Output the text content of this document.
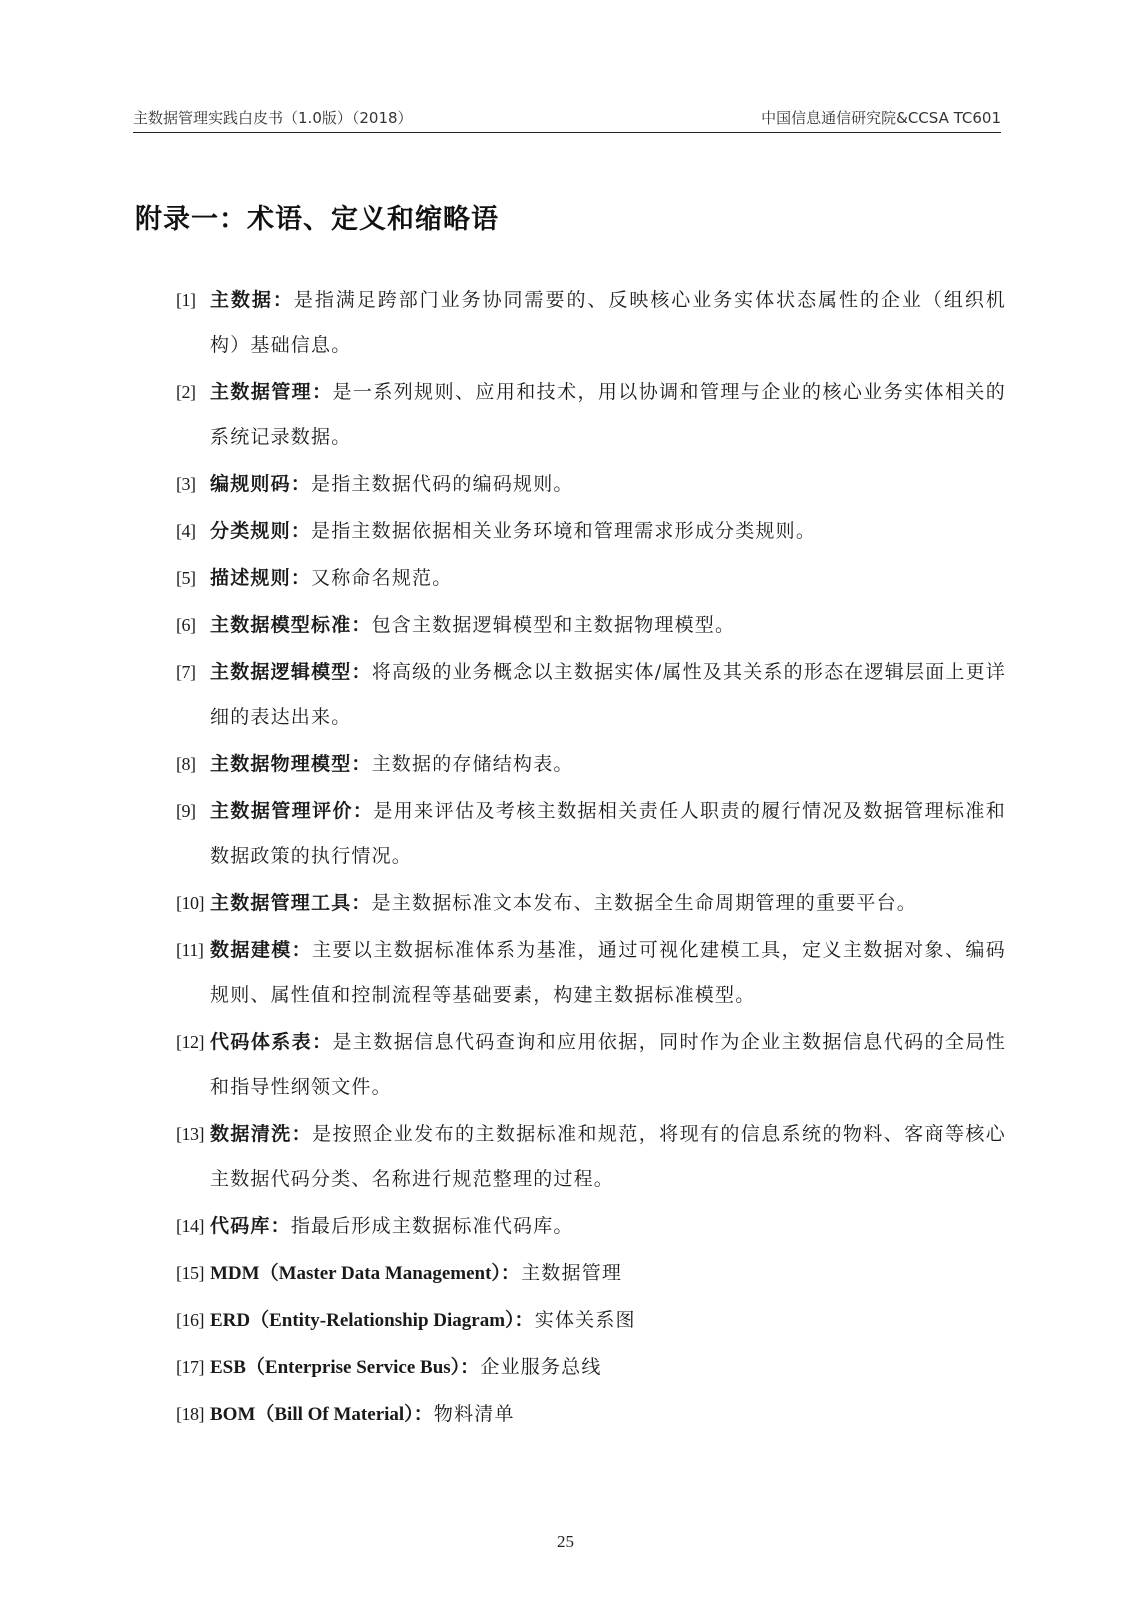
主数据管理实践白皮书（1.0版）（2018）	中国信息通信研究院&CCSA TC601
附录一：术语、定义和缩略语
[1] 主数据：是指满足跨部门业务协同需要的、反映核心业务实体状态属性的企业（组织机构）基础信息。
[2] 主数据管理：是一系列规则、应用和技术，用以协调和管理与企业的核心业务实体相关的系统记录数据。
[3] 编规则码：是指主数据代码的编码规则。
[4] 分类规则：是指主数据依据相关业务环境和管理需求形成分类规则。
[5] 描述规则：又称命名规范。
[6] 主数据模型标准：包含主数据逻辑模型和主数据物理模型。
[7] 主数据逻辑模型：将高级的业务概念以主数据实体/属性及其关系的形态在逻辑层面上更详细的表达出来。
[8] 主数据物理模型：主数据的存储结构表。
[9] 主数据管理评价：是用来评估及考核主数据相关责任人职责的履行情况及数据管理标准和数据政策的执行情况。
[10] 主数据管理工具：是主数据标准文本发布、主数据全生命周期管理的重要平台。
[11] 数据建模：主要以主数据标准体系为基准，通过可视化建模工具，定义主数据对象、编码规则、属性值和控制流程等基础要素，构建主数据标准模型。
[12] 代码体系表：是主数据信息代码查询和应用依据，同时作为企业主数据信息代码的全局性和指导性纲领文件。
[13] 数据清洗：是按照企业发布的主数据标准和规范，将现有的信息系统的物料、客商等核心主数据代码分类、名称进行规范整理的过程。
[14] 代码库：指最后形成主数据标准代码库。
[15] MDM（Master Data Management）：主数据管理
[16] ERD（Entity-Relationship Diagram）：实体关系图
[17] ESB（Enterprise Service Bus）：企业服务总线
[18] BOM（Bill Of Material）：物料清单
25
